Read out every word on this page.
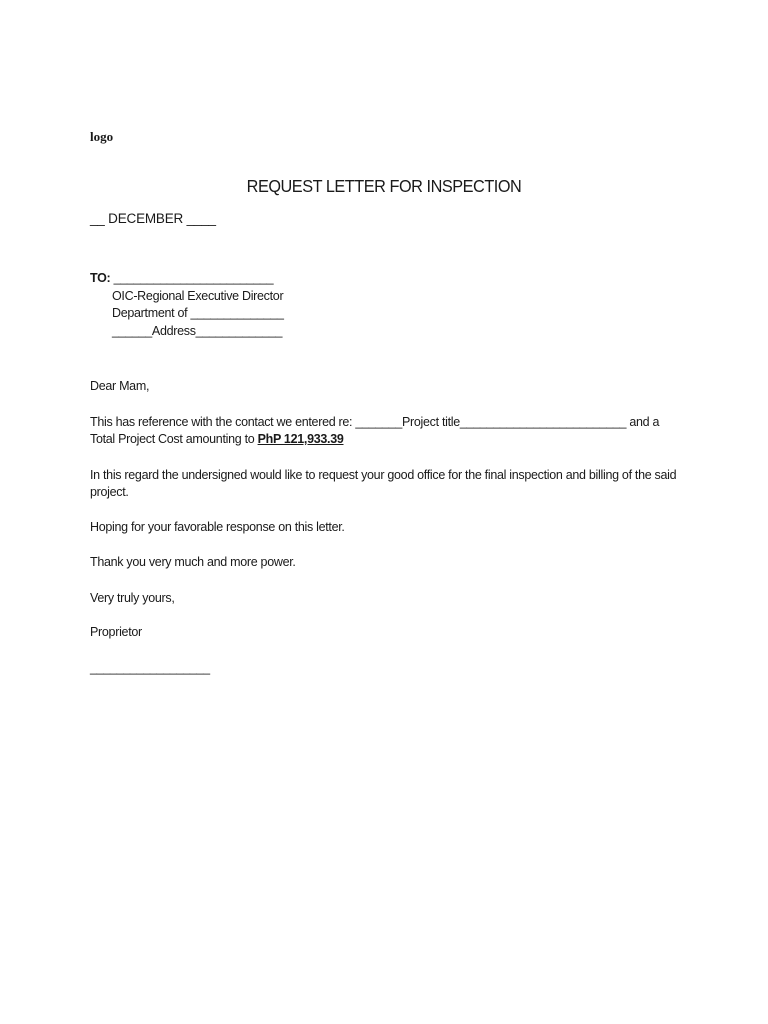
logo
REQUEST LETTER FOR INSPECTION
__ DECEMBER ____
TO: ________________________
OIC-Regional Executive Director
Department of ______________
______Address_____________

Dear Mam,

This has reference with the contact we entered re: _______Project title_________________________ and a Total Project Cost amounting to PhP 121,933.39

In this regard the undersigned would like to request your good office for the final inspection and billing of the said project.

Hoping for your favorable response on this letter.

Thank you very much and more power.

Very truly yours,

Proprietor

__________________
